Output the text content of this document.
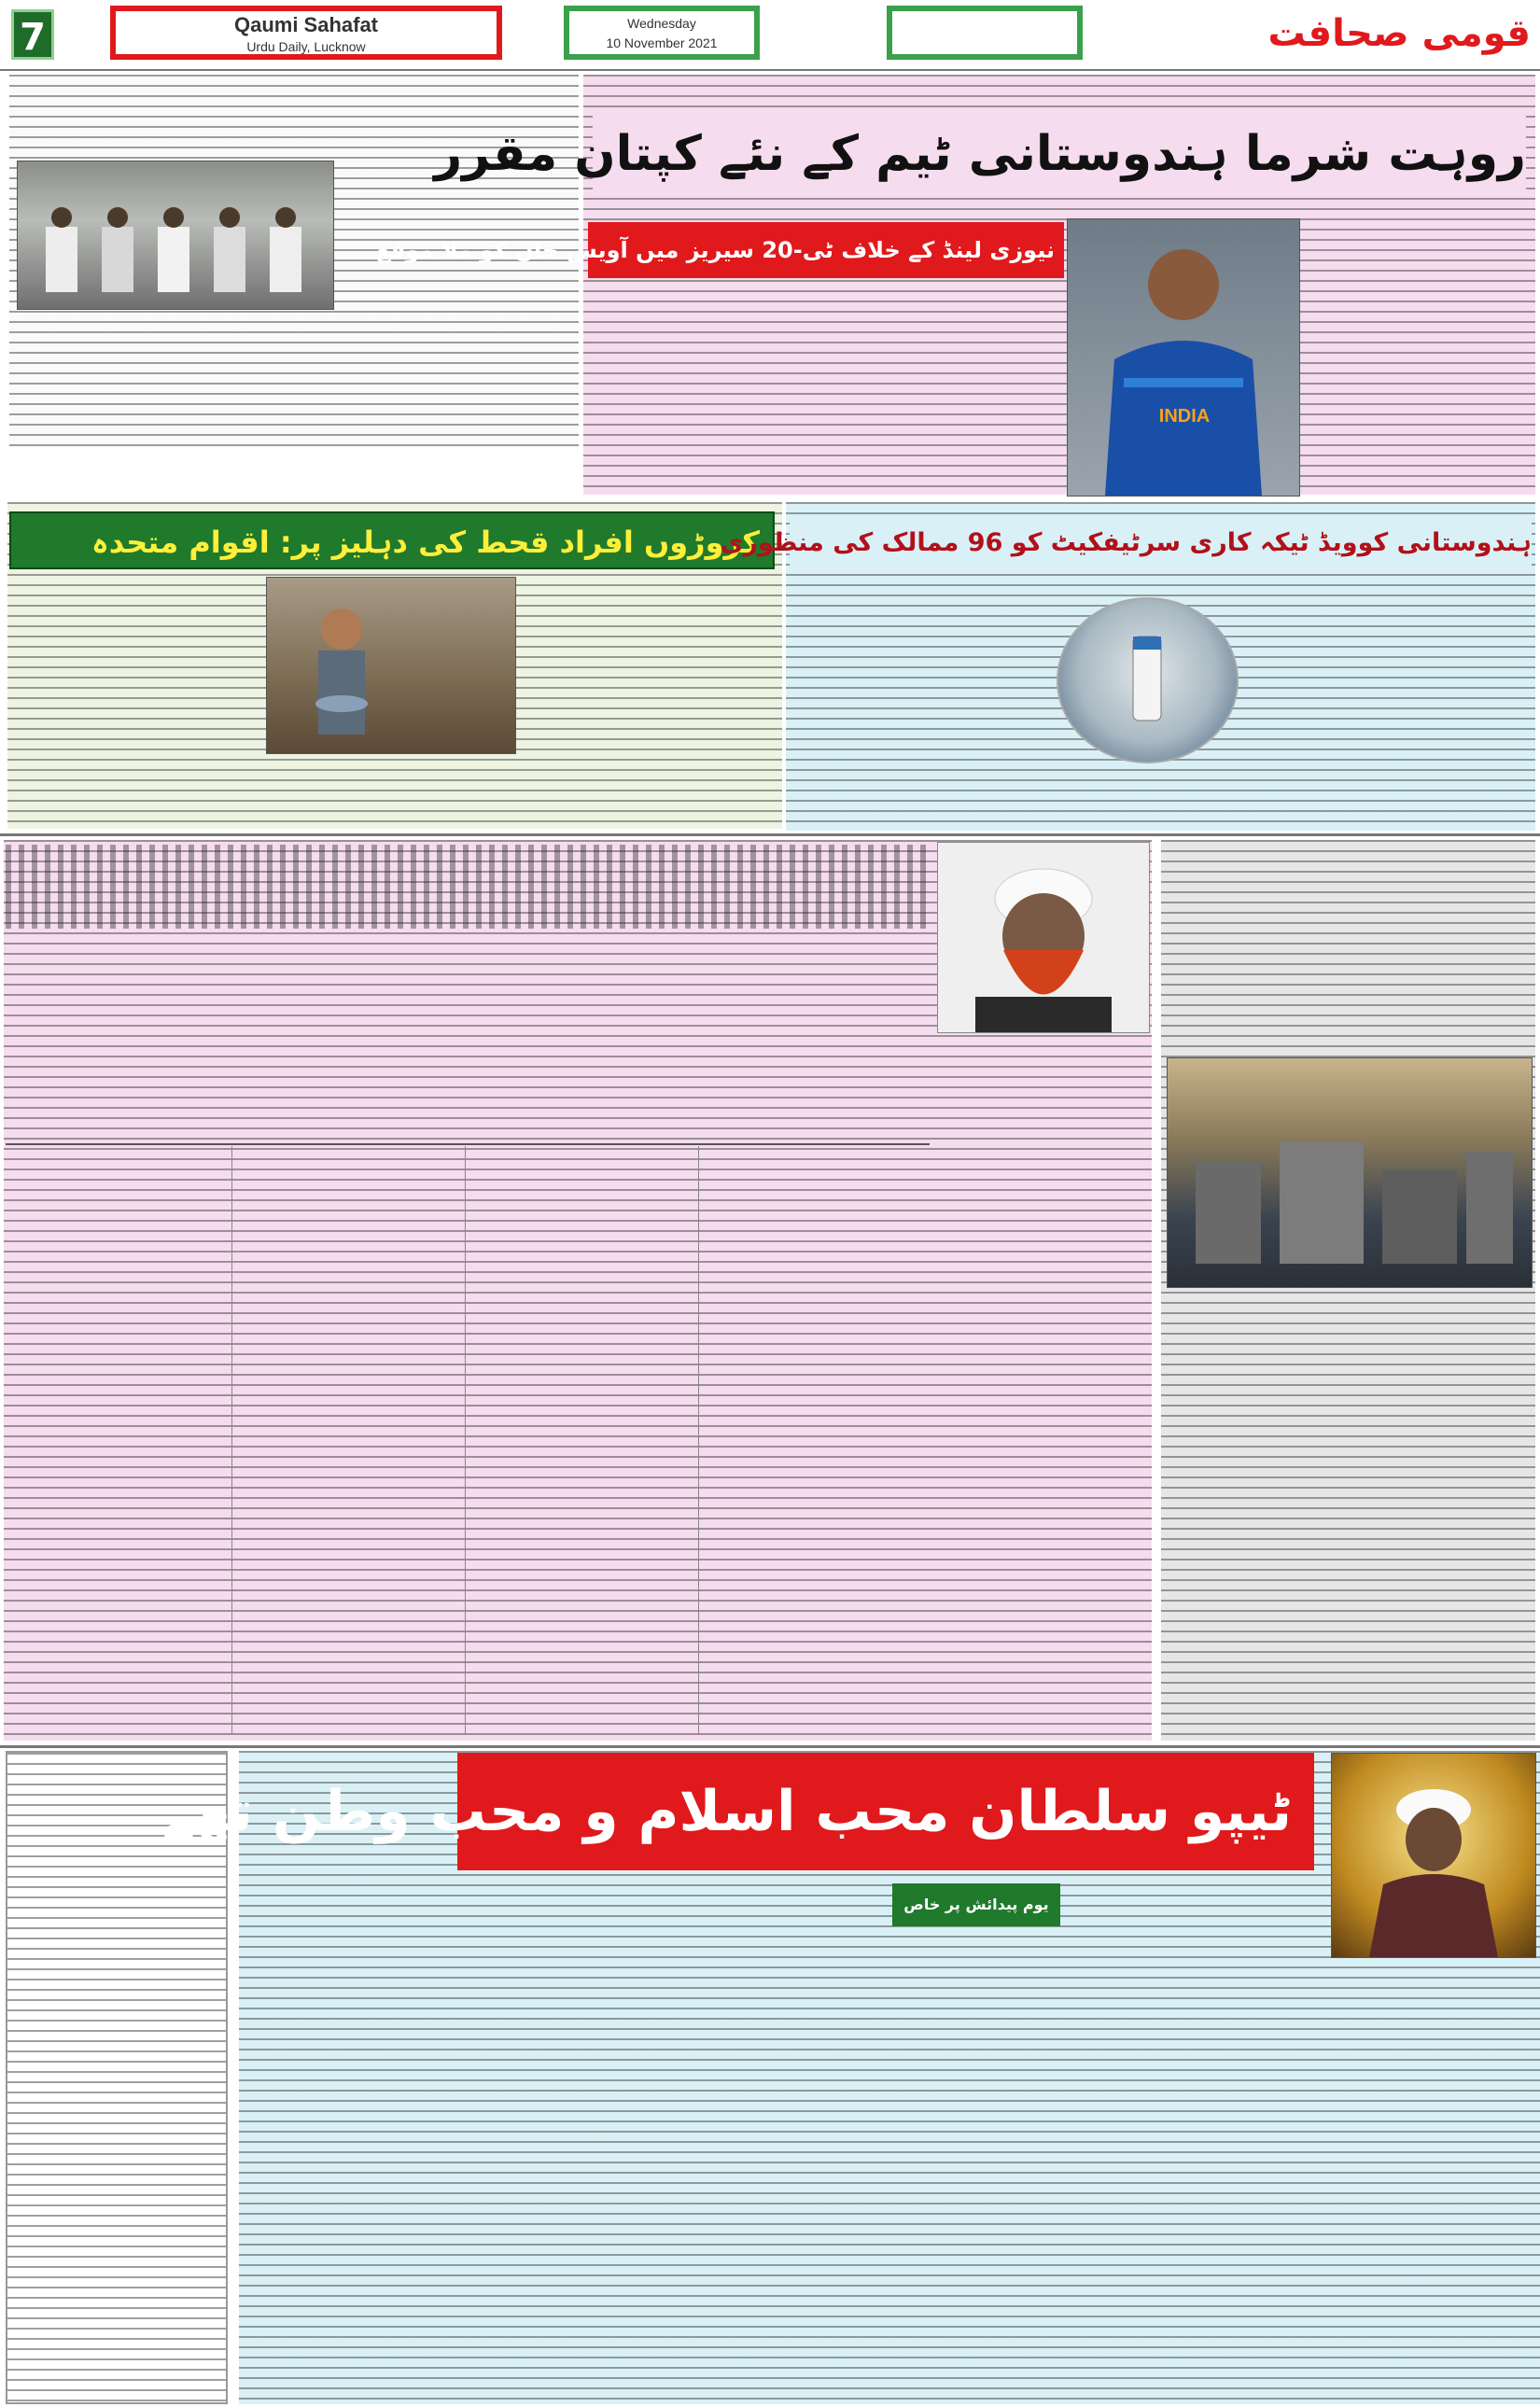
7	Qaumi Sahafat
Urdu Daily, Lucknow
Wednesday
10 November 2021	قومی صحافت
روہت شرما ہندوستانی ٹیم کے نئے کپتان مقرر
نیوزی لینڈ کے خلاف ٹی-20 سیریز میں آویس خان کو ملا موقع
INDIA
کروڑوں افراد قحط کی دہلیز پر: اقوام متحدہ
ہندوستانی کوویڈ ٹیکہ کاری سرٹیفکیٹ کو 96 ممالک کی منظوری
ٹیپو سلطان محب اسلام و محب وطن تھے
یوم پیدائش پر خاص
